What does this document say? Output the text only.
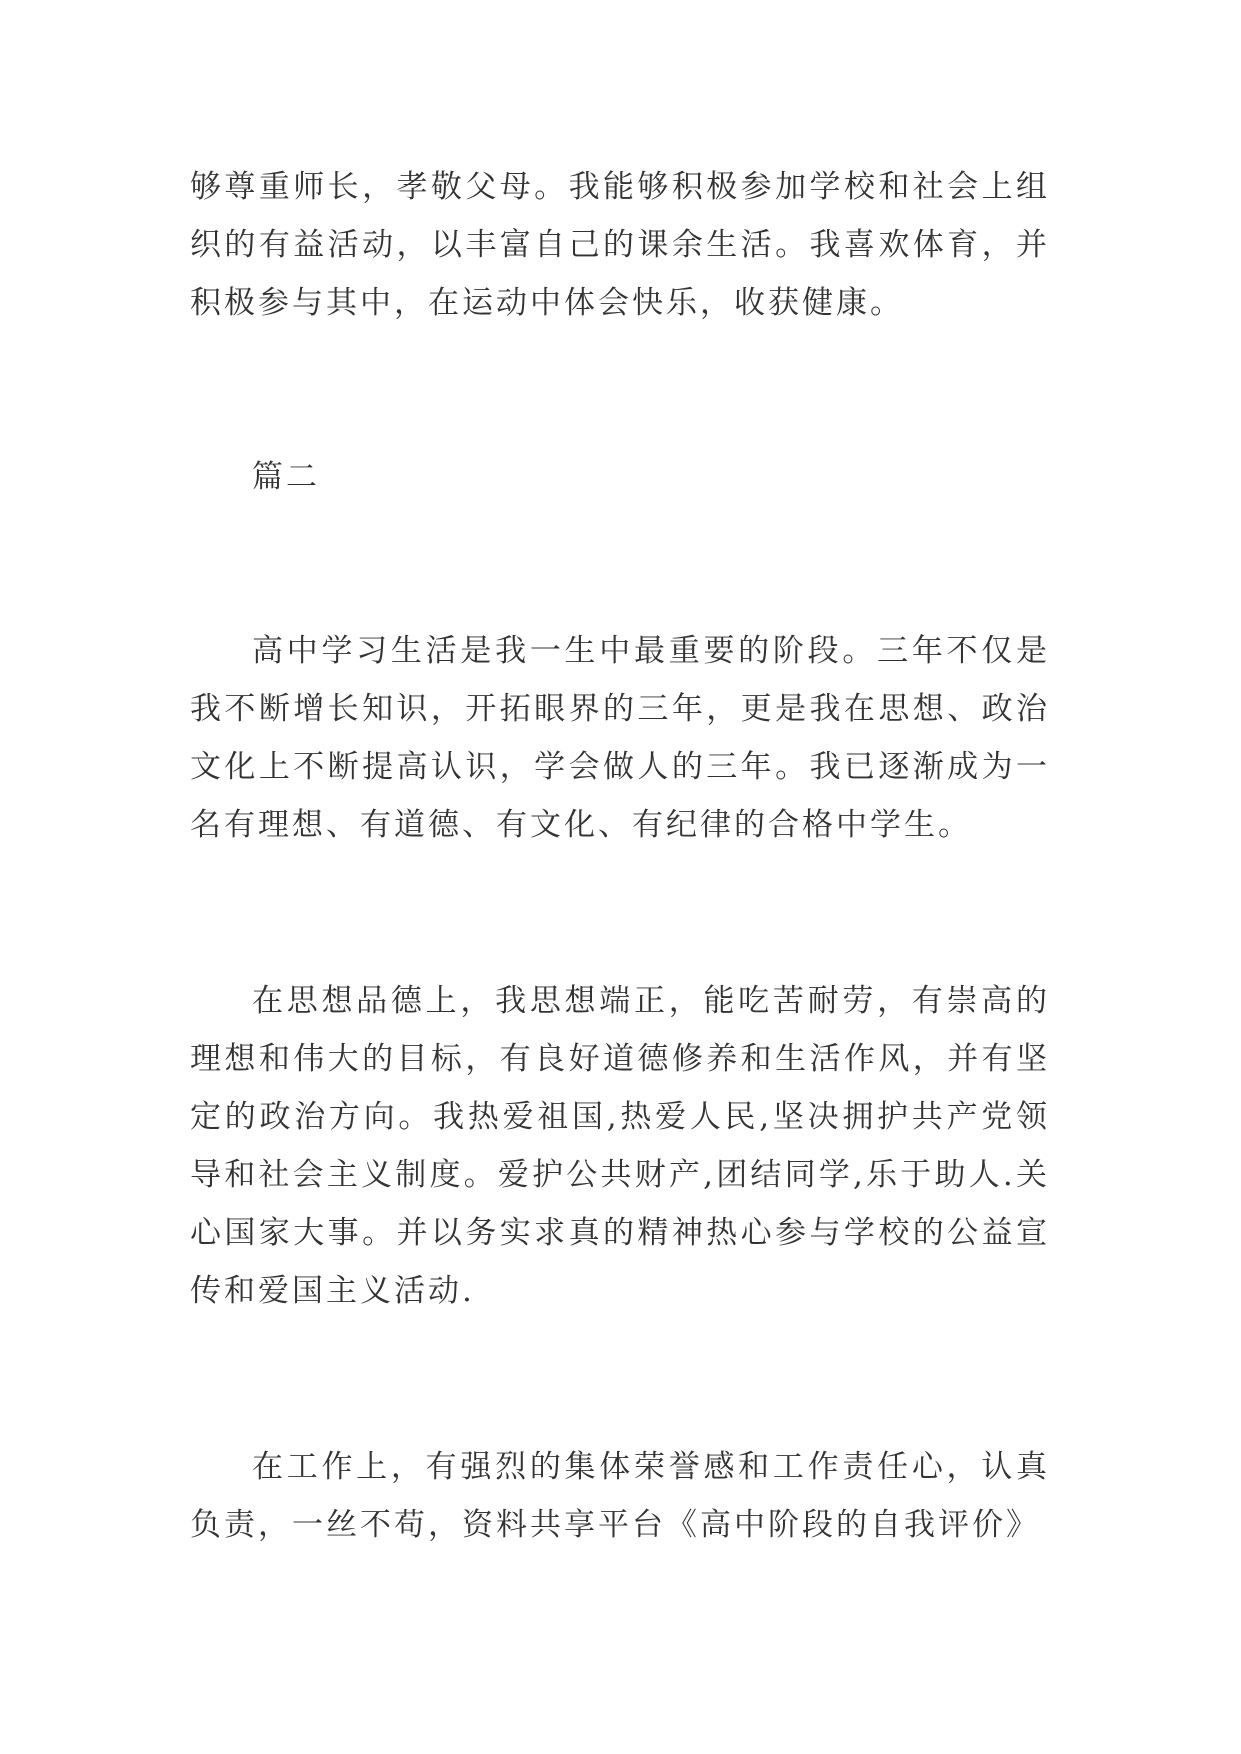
够尊重师长，孝敬父母。我能够积极参加学校和社会上组织的有益活动，以丰富自己的课余生活。我喜欢体育，并积极参与其中，在运动中体会快乐，收获健康。

篇二

高中学习生活是我一生中最重要的阶段。三年不仅是我不断增长知识，开拓眼界的三年，更是我在思想、政治文化上不断提高认识，学会做人的三年。我已逐渐成为一名有理想、有道德、有文化、有纪律的合格中学生。

在思想品德上，我思想端正，能吃苦耐劳，有崇高的理想和伟大的目标，有良好道德修养和生活作风，并有坚定的政治方向。我热爱祖国,热爱人民,坚决拥护共产党领导和社会主义制度。爱护公共财产,团结同学,乐于助人.关心国家大事。并以务实求真的精神热心参与学校的公益宣传和爱国主义活动.

在工作上，有强烈的集体荣誉感和工作责任心，认真负责，一丝不苟，资料共享平台《高中阶段的自我评价》
